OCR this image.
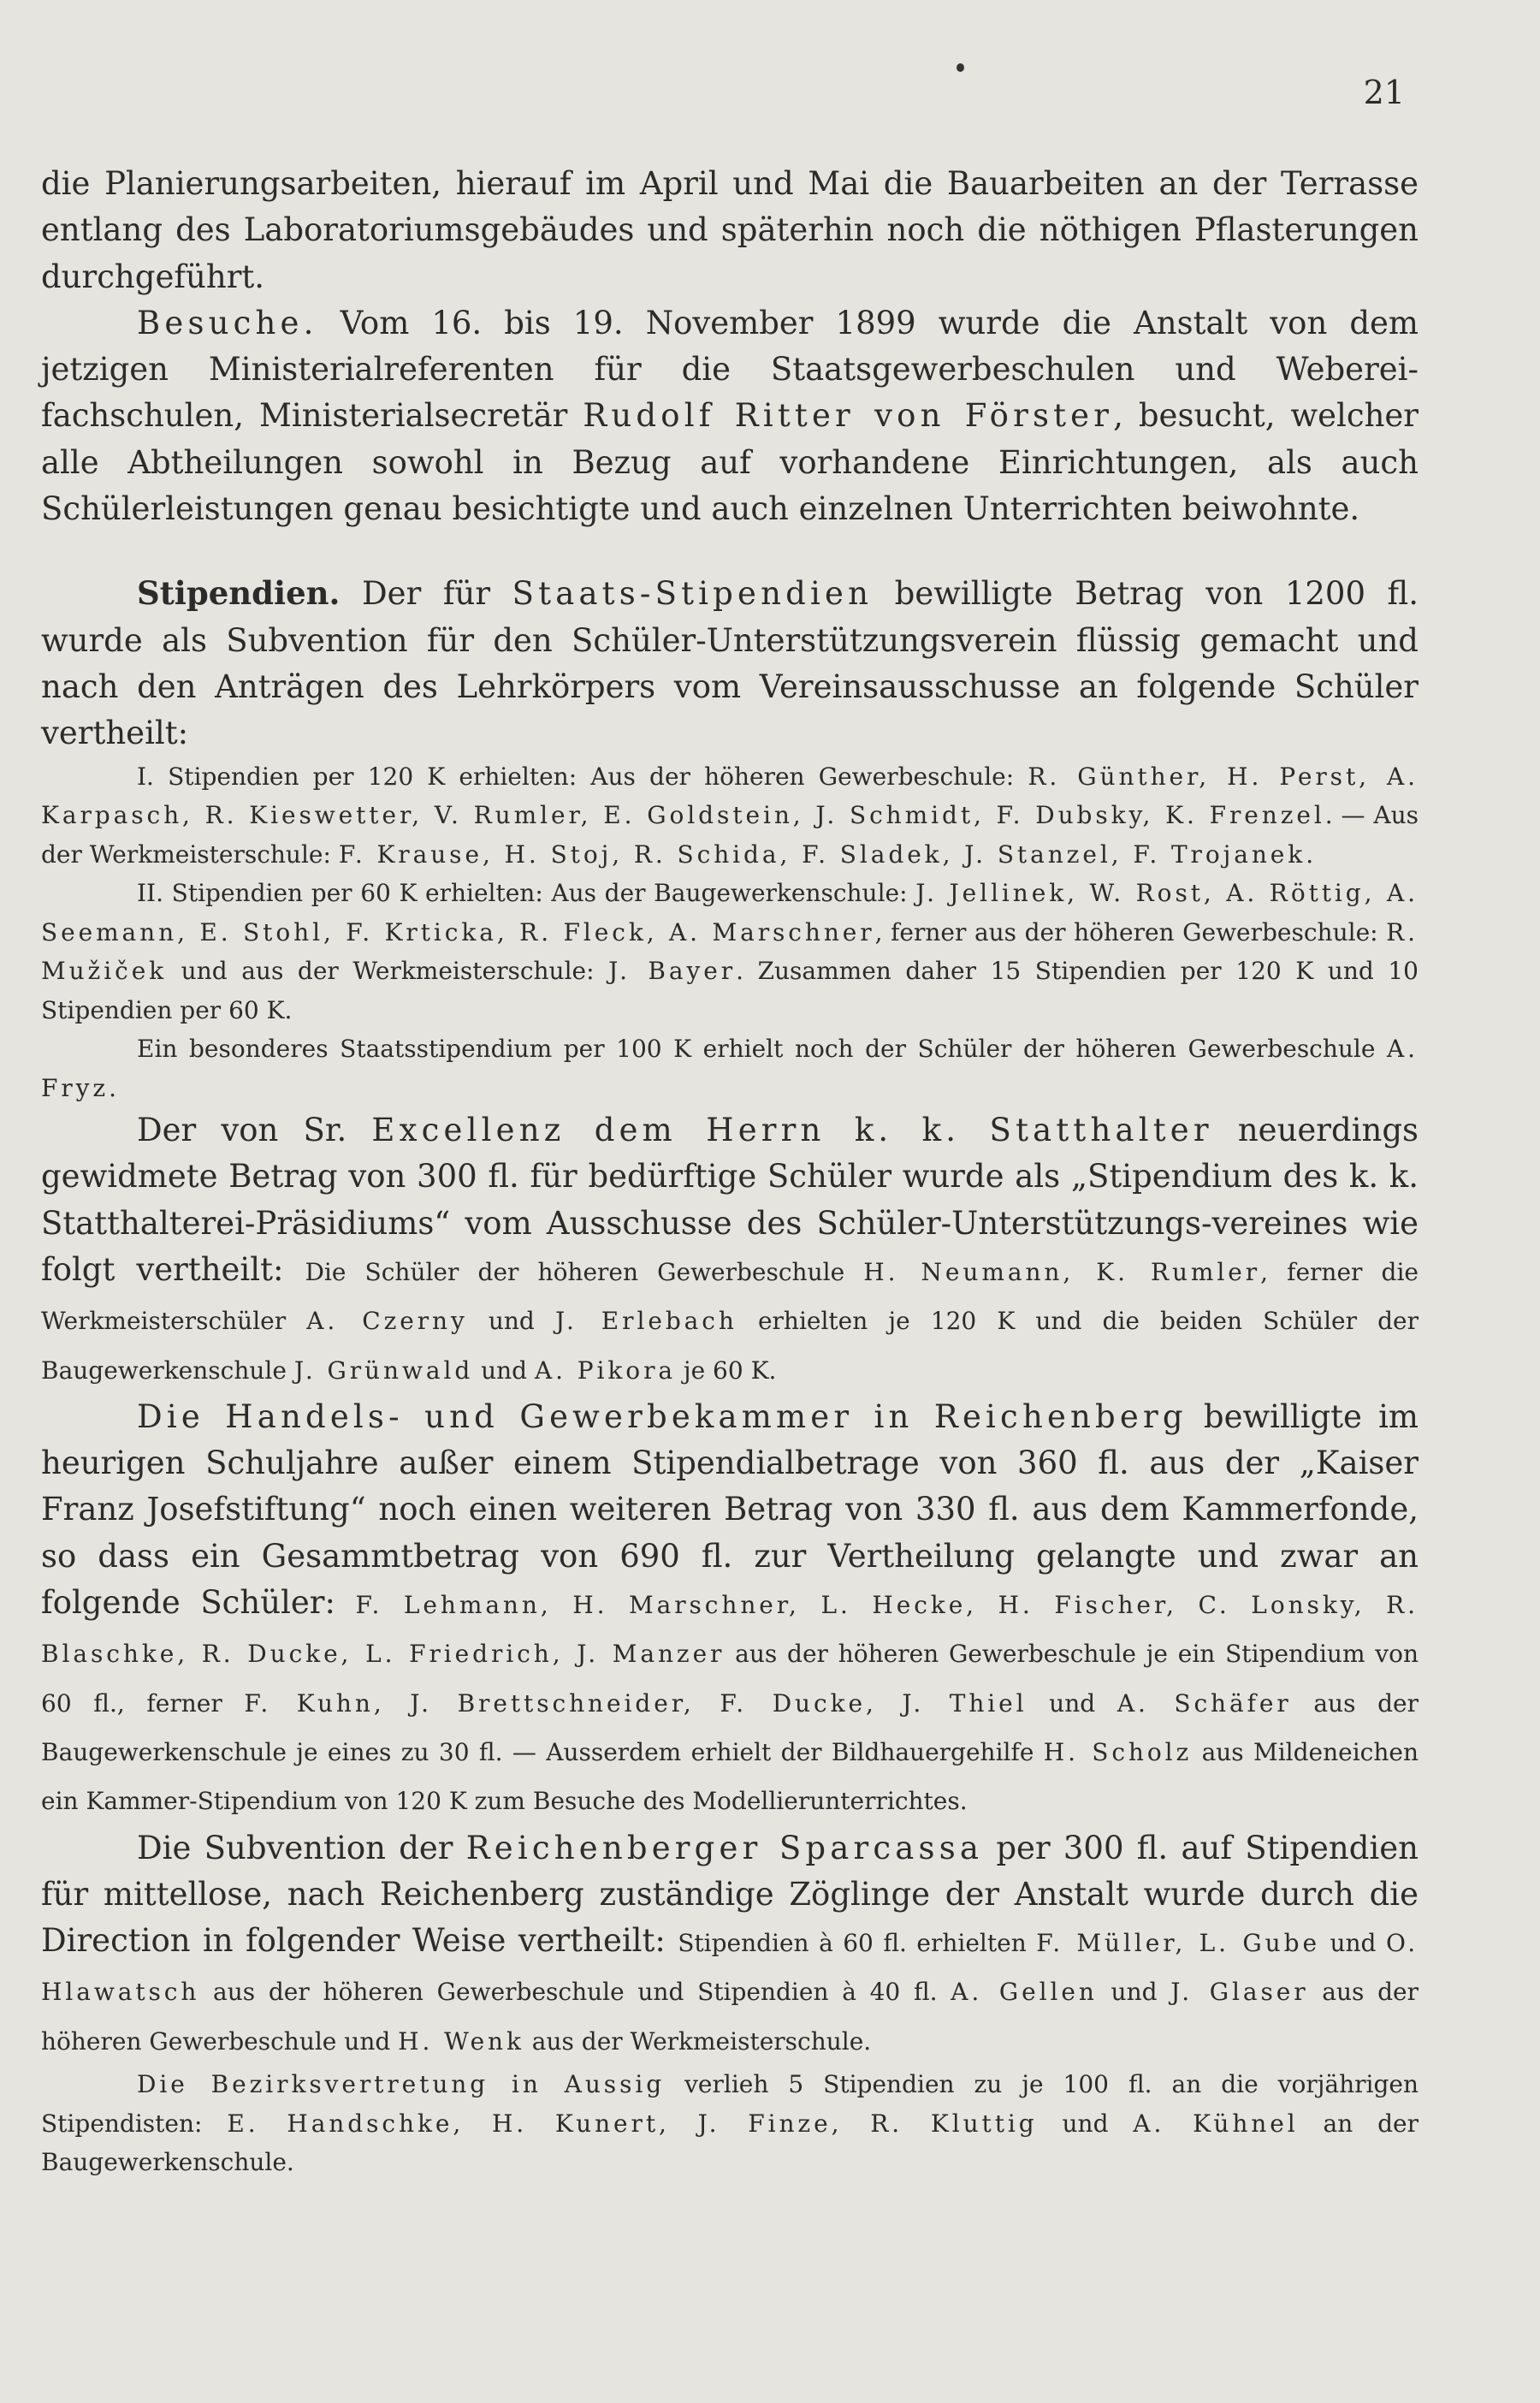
21

die Planierungsarbeiten, hierauf im April und Mai die Bauarbeiten an der Terrasse entlang des Laboratoriumsgebäudes und späterhin noch die nöthigen Pflasterungen durchgeführt.

Besuche. Vom 16. bis 19. November 1899 wurde die Anstalt von dem jetzigen Ministerialreferenten für die Staatsgewerbeschulen und Weberei-fachschulen, Ministerialsecretär Rudolf Ritter von Förster, besucht, welcher alle Abtheilungen sowohl in Bezug auf vorhandene Einrichtungen, als auch Schülerleistungen genau besichtigte und auch einzelnen Unterrichten beiwohnte.

Stipendien. Der für Staats-Stipendien bewilligte Betrag von 1200 fl. wurde als Subvention für den Schüler-Unterstützungsverein flüssig gemacht und nach den Anträgen des Lehrkörpers vom Vereinsausschusse an folgende Schüler vertheilt:

I. Stipendien per 120 K erhielten: Aus der höheren Gewerbeschule: R. Günther, H. Perst, A. Karpasch, R. Kieswetter, V. Rumler, E. Goldstein, J. Schmidt, F. Dubsky, K. Frenzel. — Aus der Werkmeisterschule: F. Krause, H. Stoj, R. Schida, F. Sladek, J. Stanzel, F. Trojanek.

II. Stipendien per 60 K erhielten: Aus der Baugewerkenschule: J. Jellinek, W. Rost, A. Röttig, A. Seemann, E. Stohl, F. Krticka, R. Fleck, A. Marschner, ferner aus der höheren Gewerbeschule: R. Mužiček und aus der Werkmeisterschule: J. Bayer. Zusammen daher 15 Stipendien per 120 K und 10 Stipendien per 60 K.

Ein besonderes Staatsstipendium per 100 K erhielt noch der Schüler der höheren Gewerbeschule A. Fryz.

Der von Sr. Excellenz dem Herrn k. k. Statthalter neuerdings gewidmete Betrag von 300 fl. für bedürftige Schüler wurde als „Stipendium des k. k. Statthalterei-Präsidiums“ vom Ausschusse des Schüler-Unterstützungs-vereines wie folgt vertheilt: Die Schüler der höheren Gewerbeschule H. Neumann, K. Rumler, ferner die Werkmeisterschüler A. Czerny und J. Erlebach erhielten je 120 K und die beiden Schüler der Baugewerkenschule J. Grünwald und A. Pikora je 60 K.

Die Handels- und Gewerbekammer in Reichenberg bewilligte im heurigen Schuljahre außer einem Stipendialbetrage von 360 fl. aus der „Kaiser Franz Josefstiftung“ noch einen weiteren Betrag von 330 fl. aus dem Kammerfonde, so dass ein Gesammtbetrag von 690 fl. zur Vertheilung gelangte und zwar an folgende Schüler: F. Lehmann, H. Marschner, L. Hecke, H. Fischer, C. Lonsky, R. Blaschke, R. Ducke, L. Friedrich, J. Manzer aus der höheren Gewerbeschule je ein Stipendium von 60 fl., ferner F. Kuhn, J. Brettschneider, F. Ducke, J. Thiel und A. Schäfer aus der Baugewerkenschule je eines zu 30 fl. — Ausserdem erhielt der Bildhauergehilfe H. Scholz aus Mildeneichen ein Kammer-Stipendium von 120 K zum Besuche des Modellierunterrichtes.

Die Subvention der Reichenberger Sparcassa per 300 fl. auf Stipendien für mittellose, nach Reichenberg zuständige Zöglinge der Anstalt wurde durch die Direction in folgender Weise vertheilt: Stipendien à 60 fl. erhielten F. Müller, L. Gube und O. Hlawatsch aus der höheren Gewerbeschule und Stipendien à 40 fl. A. Gellen und J. Glaser aus der höheren Gewerbeschule und H. Wenk aus der Werkmeisterschule.

Die Bezirksvertretung in Aussig verlieh 5 Stipendien zu je 100 fl. an die vorjährigen Stipendisten: E. Handschke, H. Kunert, J. Finze, R. Kluttig und A. Kühnel an der Baugewerkenschule.
